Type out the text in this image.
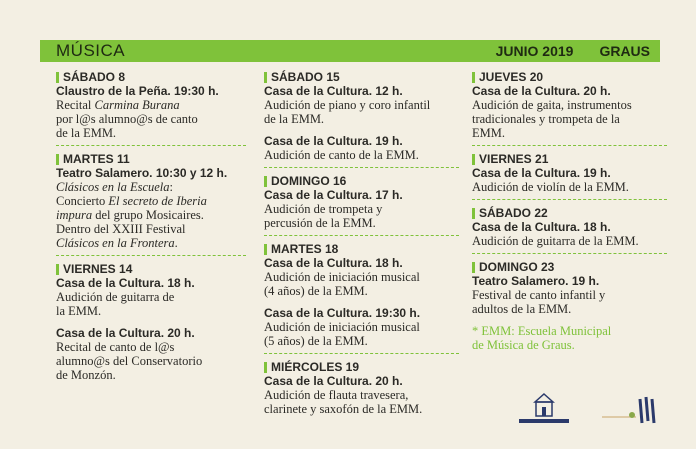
MÚSICA	JUNIO 2019 GRAUS
SÁBADO 8
Claustro de la Peña. 19:30 h.
Recital Carmina Burana
por l@s alumno@s de canto
de la EMM.
MARTES 11
Teatro Salamero. 10:30 y 12 h.
Clásicos en la Escuela:
Concierto El secreto de Iberia
impura del grupo Mosicaires.
Dentro del XXIII Festival
Clásicos en la Frontera.
VIERNES 14
Casa de la Cultura. 18 h.
Audición de guitarra de
la EMM.
Casa de la Cultura. 20 h.
Recital de canto de l@s
alumno@s del Conservatorio
de Monzón.
SÁBADO 15
Casa de la Cultura. 12 h.
Audición de piano y coro infantil
de la EMM.
Casa de la Cultura. 19 h.
Audición de canto de la EMM.
DOMINGO 16
Casa de la Cultura. 17 h.
Audición de trompeta y
percusión de la EMM.
MARTES 18
Casa de la Cultura. 18 h.
Audición de iniciación musical
(4 años) de la EMM.
Casa de la Cultura. 19:30 h.
Audición de iniciación musical
(5 años) de la EMM.
MIÉRCOLES 19
Casa de la Cultura. 20 h.
Audición de flauta travesera,
clarinete y saxofón de la EMM.
JUEVES 20
Casa de la Cultura. 20 h.
Audición de gaita, instrumentos
tradicionales y trompeta de la
EMM.
VIERNES 21
Casa de la Cultura. 19 h.
Audición de violín de la EMM.
SÁBADO 22
Casa de la Cultura. 18 h.
Audición de guitarra de la EMM.
DOMINGO 23
Teatro Salamero. 19 h.
Festival de canto infantil y
adultos de la EMM.
* EMM: Escuela Municipal
de Música de Graus.
